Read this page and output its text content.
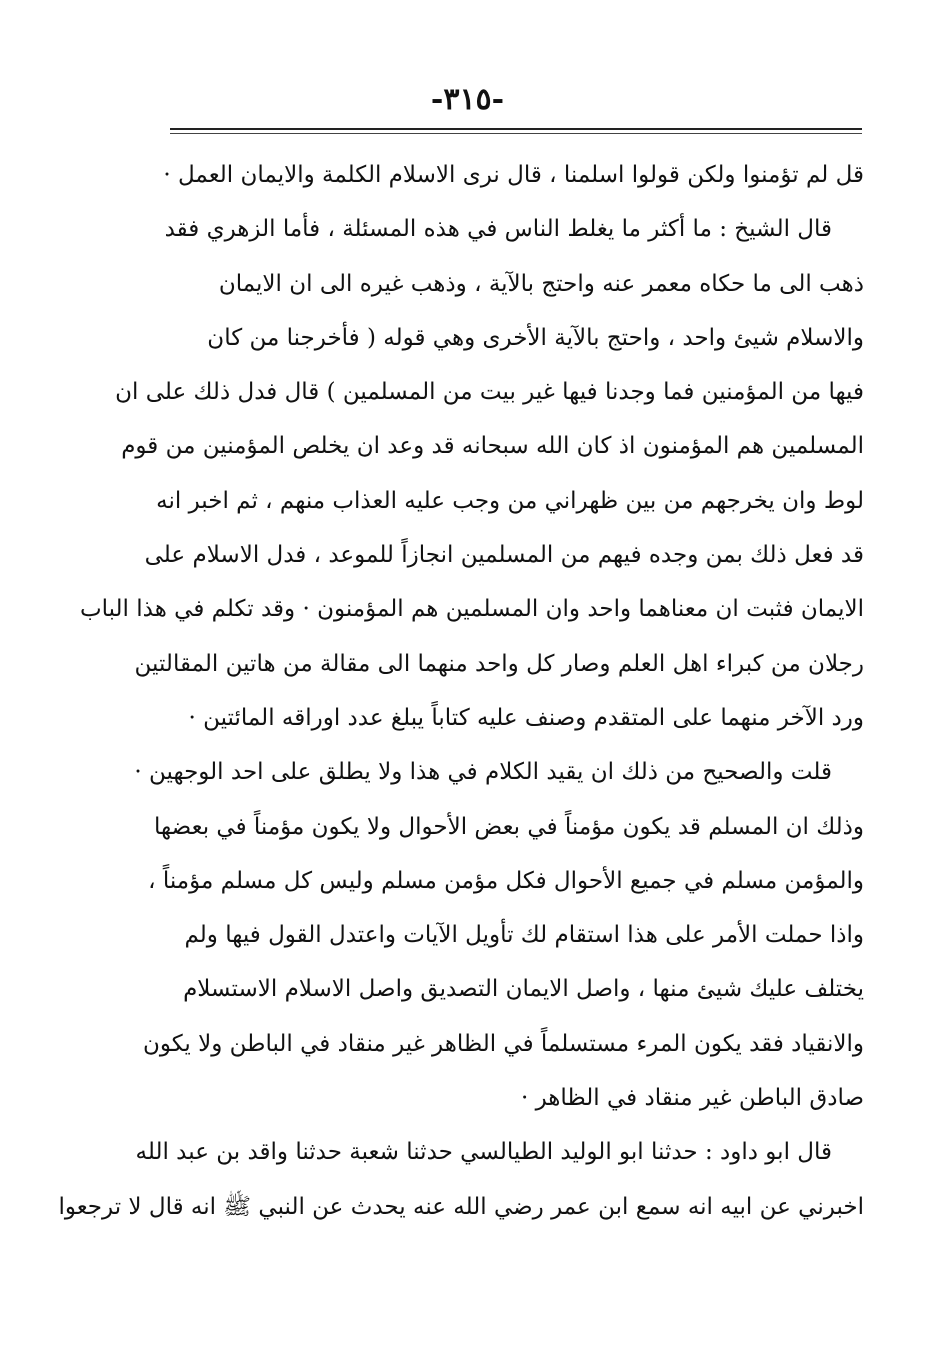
-٣١٥-
قل لم تؤمنوا ولكن قولوا اسلمنا ، قال نرى الاسلام الكلمة والايمان العمل ·
قال الشيخ : ما أكثر ما يغلط الناس في هذه المسئلة ، فأما الزهري فقد
ذهب الى ما حكاه معمر عنه واحتج بالآية ، وذهب غيره الى ان الايمان
والاسلام شيئ واحد ، واحتج بالآية الأخرى وهي قوله ( فأخرجنا من كان
فيها من المؤمنين فما وجدنا فيها غير بيت من المسلمين ) قال فدل ذلك على ان
المسلمين هم المؤمنون اذ كان الله سبحانه قد وعد ان يخلص المؤمنين من قوم
لوط وان يخرجهم من بين ظهراني من وجب عليه العذاب منهم ، ثم اخبر انه
قد فعل ذلك بمن وجده فيهم من المسلمين انجازاً للموعد ، فدل الاسلام على
الايمان فثبت ان معناهما واحد وان المسلمين هم المؤمنون · وقد تكلم في هذا الباب
رجلان من كبراء اهل العلم وصار كل واحد منهما الى مقالة من هاتين المقالتين
ورد الآخر منهما على المتقدم وصنف عليه كتاباً يبلغ عدد اوراقه المائتين ·
قلت والصحيح من ذلك ان يقيد الكلام في هذا ولا يطلق على احد الوجهين ·
وذلك ان المسلم قد يكون مؤمناً في بعض الأحوال ولا يكون مؤمناً في بعضها
والمؤمن مسلم في جميع الأحوال فكل مؤمن مسلم وليس كل مسلم مؤمناً ،
واذا حملت الأمر على هذا استقام لك تأويل الآيات واعتدل القول فيها ولم
يختلف عليك شيئ منها ، واصل الايمان التصديق واصل الاسلام الاستسلام
والانقياد فقد يكون المرء مستسلماً في الظاهر غير منقاد في الباطن ولا يكون
صادق الباطن غير منقاد في الظاهر ·
قال ابو داود : حدثنا ابو الوليد الطيالسي حدثنا شعبة حدثنا واقد بن عبد الله
اخبرني عن ابيه انه سمع ابن عمر رضي الله عنه يحدث عن النبي ﷺ انه قال لا ترجعوا
